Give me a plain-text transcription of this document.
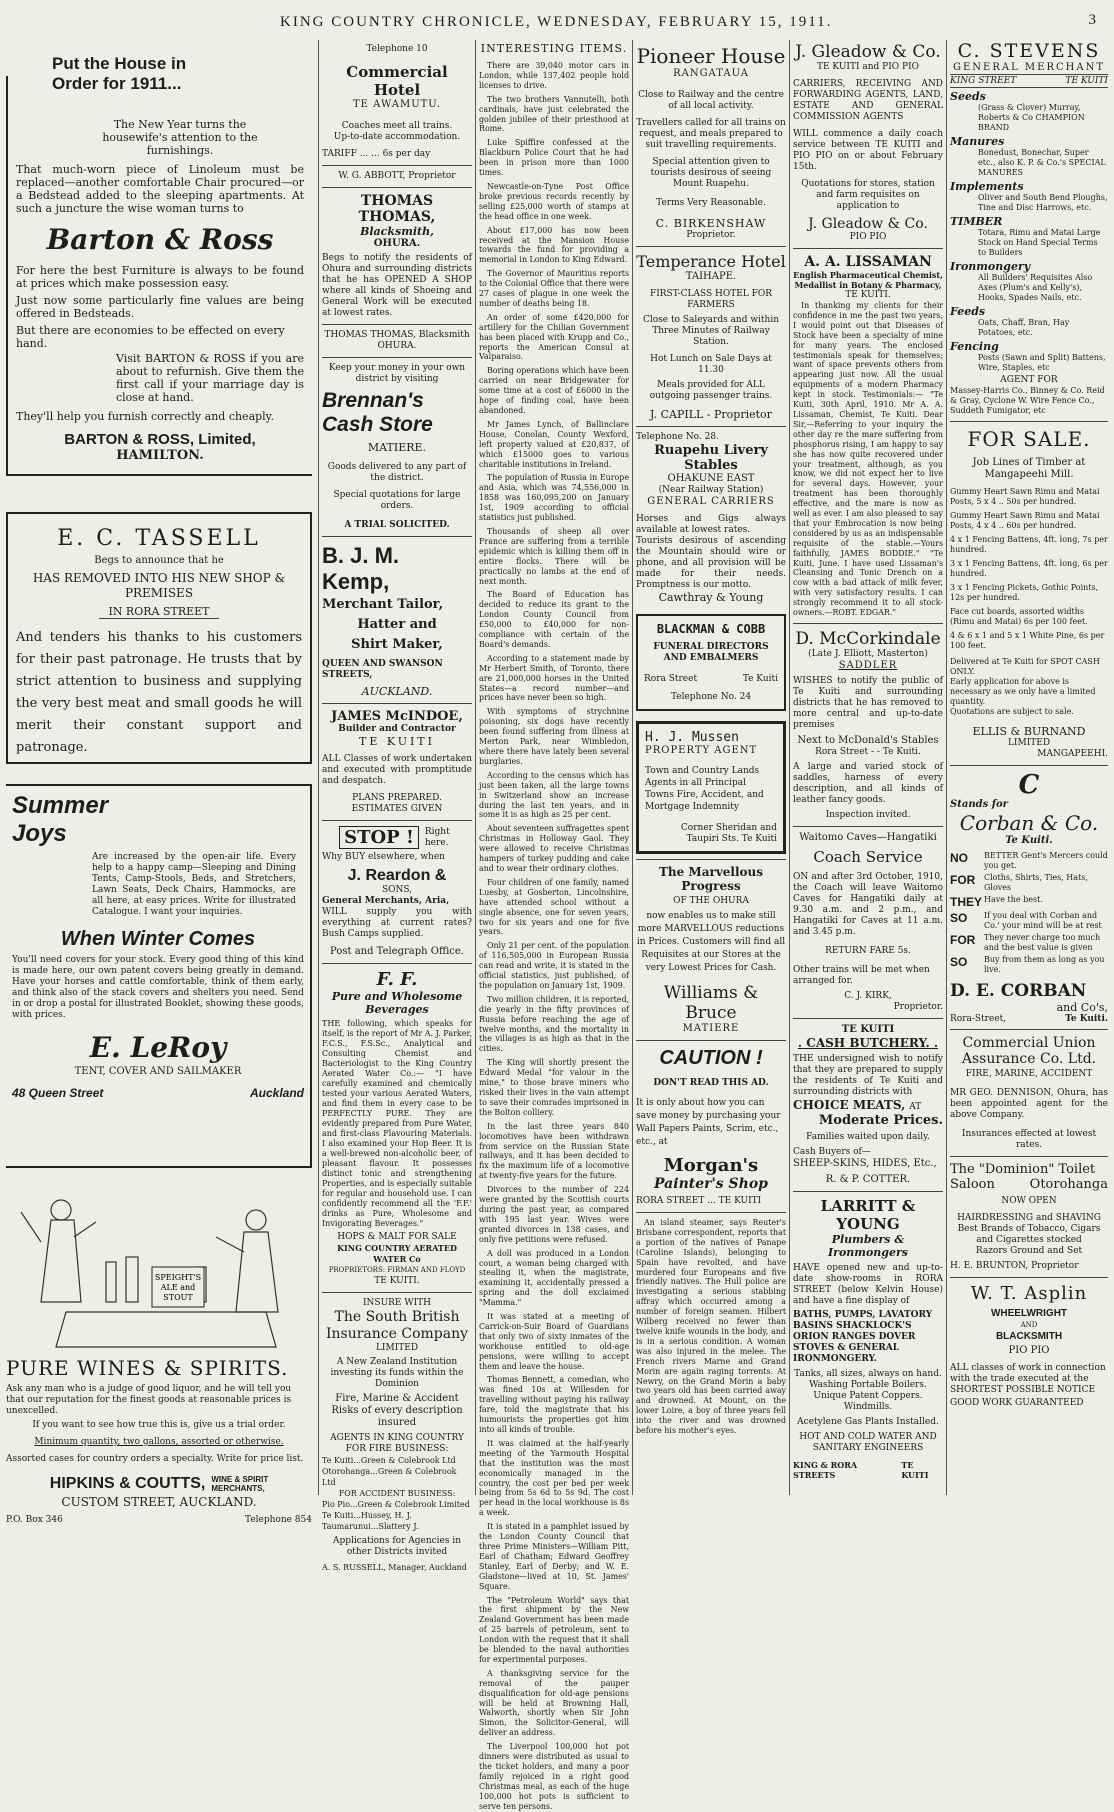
KING COUNTRY CHRONICLE, WEDNESDAY, FEBRUARY 15, 1911.	3
Put the House in
Order for 1911...
The New Year turns the housewife's attention to the furnishings.
That much-worn piece of Linoleum must be replaced—another comfortable Chair procured—or a Bedstead added to the sleeping apartments. At such a juncture the wise woman turns to
Barton & Ross
For here the best Furniture is always to be found at prices which make possession easy.
Just now some particularly fine values are being offered in Bedsteads.
But there are economies to be effected on every hand.
Visit BARTON & ROSS if you are about to refurnish. Give them the first call if your marriage day is close at hand.
They'll help you furnish correctly and cheaply.
BARTON & ROSS, Limited,
HAMILTON.
E. C. TASSELL
Begs to announce that he
HAS REMOVED INTO HIS NEW SHOP & PREMISES
IN RORA STREET
And tenders his thanks to his customers for their past patronage. He trusts that by strict attention to business and supplying the very best meat and small goods he will merit their constant support and patronage.
Summer
Joys
Are increased by the open-air life. Every help to a happy camp—Sleeping and Dining Tents, Camp-Stools, Beds, and Stretchers, Lawn Seats, Deck Chairs, Hammocks, are all here, at easy prices. Write for illustrated Catalogue. I want your inquiries.
When Winter Comes
You'll need covers for your stock. Every good thing of this kind is made here, our own patent covers being greatly in demand. Have your horses and cattle comfortable, think of them early, and think also of the stack covers and shelters you need. Send in or drop a postal for illustrated Booklet, showing these goods, with prices.
E. LeRoy
TENT, COVER AND SAILMAKER
48 Queen Street	Auckland
SPEIGHT'S
ALE and
STOUT
PURE WINES & SPIRITS.
Ask any man who is a judge of good liquor, and he will tell you that our reputation for the finest goods at reasonable prices is unexcelled.
If you want to see how true this is, give us a trial order.
Minimum quantity, two gallons, assorted or otherwise.
Assorted cases for country orders a specialty. Write for price list.
HIPKINS & COUTTS, WINE & SPIRIT
MERCHANTS,
CUSTOM STREET, AUCKLAND.
P.O. Box 346	Telephone 854
Telephone 10
Commercial Hotel
TE AWAMUTU.
Coaches meet all trains.
Up-to-date accommodation.
TARIFF ... ... 6s per day
W. G. ABBOTT, Proprietor
THOMAS THOMAS,
Blacksmith,
OHURA.
Begs to notify the residents of Ohura and surrounding districts that he has OPENED A SHOP where all kinds of Shoeing and General Work will be executed at lowest rates.
THOMAS THOMAS, Blacksmith OHURA.
Keep your money in your own district by visiting
Brennan's
Cash Store
MATIERE.
Goods delivered to any part of the district.
Special quotations for large orders.
A TRIAL SOLICITED.
B. J. M. Kemp,
Merchant Tailor,
Hatter and
Shirt Maker,
QUEEN AND SWANSON STREETS,
AUCKLAND.
JAMES McINDOE,
Builder and Contractor
TE KUITI
ALL Classes of work undertaken and executed with promptitude and despatch.
PLANS PREPARED.
ESTIMATES GIVEN
STOP !	Right here.
Why BUY elsewhere, when
J. Reardon &
SONS,
General Merchants, Aria,
WILL supply you with everything at current rates? Bush Camps supplied.
Post and Telegraph Office.
F. F.
Pure and Wholesome
Beverages
THE following, which speaks for itself, is the report of Mr A. J. Parker, F.C.S., F.S.Sc., Analytical and Consulting Chemist and Bacteriologist to the King Country Aerated Water Co.:— "I have carefully examined and chemically tested your various Aerated Waters, and find them in every case to be PERFECTLY PURE. They are evidently prepared from Pure Water, and first-class Flavouring Materials. I also examined your Hop Beer. It is a well-brewed non-alcoholic beer, of pleasant flavour. It possesses distinct tonic and strengthening Properties, and is especially suitable for regular and household use. I can confidently recommend all the 'F.F.' drinks as Pure, Wholesome and Invigorating Beverages."
HOPS & MALT FOR SALE
KING COUNTRY AERATED WATER Co
PROPRIETORS: FIRMAN AND FLOYD
TE KUITI.
INSURE WITH
The South British
Insurance Company
LIMITED
A New Zealand Institution investing its funds within the Dominion
Fire, Marine & Accident Risks of every description insured
AGENTS IN KING COUNTRY
FOR FIRE BUSINESS:
Te Kuiti...Green & Colebrook Ltd
Otorohanga...Green & Colebrook Ltd
FOR ACCIDENT BUSINESS:
Pio Pio...Green & Colebrook Limited
Te Kuiti...Hussey, H. J.
Taumarunui...Slattery J.
Applications for Agencies in other Districts invited
A. S. RUSSELL, Manager, Auckland
INTERESTING ITEMS.
There are 39,040 motor cars in London, while 137,402 people hold licenses to drive.
The two brothers Vannutelli, both cardinals, have just celebrated the golden jubilee of their priesthood at Rome.
Luke Spiffire confessed at the Blackburn Police Court that he had been in prison more than 1000 times.
Newcastle-on-Tyne Post Office broke previous records recently by selling £25,000 worth of stamps at the head office in one week.
About £17,000 has now been received at the Mansion House towards the fund for providing a memorial in London to King Edward.
The Governor of Mauritius reports to the Colonial Office that there were 27 cases of plague in one week the number of deaths being 18.
An order of some £420,000 for artillery for the Chilian Government has been placed with Krupp and Co., reports the American Consul at Valparaiso.
Boring operations which have been carried on near Bridgewater for some time at a cost of £6000 in the hope of finding coal, have been abandoned.
Mr James Lynch, of Ballinclare House, Conolan, County Wexford, left property valued at £20,837, of which £15000 goes to various charitable institutions in Ireland.
The population of Russia in Europe and Asia, which was 74,556,000 in 1858 was 160,095,200 on January 1st, 1909 according to official statistics just published.
Thousands of sheep all over France are suffering from a terrible epidemic which is killing them off in entire flocks. There will be practically no lambs at the end of next month.
The Board of Education has decided to reduce its grant to the London County Council from £50,000 to £40,000 for non-compliance with certain of the Board's demands.
According to a statement made by Mr Herbert Smith, of Toronto, there are 21,000,000 horses in the United States—a record number—and prices have never been so high.
With symptoms of strychnine poisoning, six dogs have recently been found suffering from illness at Merton Park, near Wimbledon, where there have lately been several burglaries.
According to the census which has just been taken, all the large towns in Switzerland show an increase during the last ten years, and in some it is as high as 25 per cent.
About seventeen suffragettes spent Christmas in Holloway Gaol. They were allowed to receive Christmas hampers of turkey pudding and cake and to wear their ordinary clothes.
Four children of one family, named Luesby, at Gosberton, Lincolnshire, have attended school without a single absence, one for seven years, two for six years and one for five years.
Only 21 per cent. of the population of 116,505,000 in European Russia can read and write, it is stated in the official statistics, just published, of the population on January 1st, 1909.
Two million children, it is reported, die yearly in the fifty provinces of Russia before reaching the age of twelve months, and the mortality in the villages is as high as that in the cities.
The King will shortly present the Edward Medal "for valour in the mine," to those brave miners who risked their lives in the vain attempt to save their comrades imprisoned in the Bolton colliery.
In the last three years 840 locomotives have been withdrawn from service on the Russian State railways, and it has been decided to fix the maximum life of a locomotive at twenty-five years for the future.
Divorces to the number of 224 were granted by the Scottish courts during the past year, as compared with 195 last year. Wives were granted divorces in 138 cases, and only five petitions were refused.
A doll was produced in a London court, a woman being charged with stealing it, when the magistrate, examining it, accidentally pressed a spring and the doll exclaimed "Mamma."
It was stated at a meeting of Carrick-on-Suir Board of Guardians that only two of sixty inmates of the workhouse entitled to old-age pensions, were willing to accept them and leave the house.
Thomas Bennett, a comedian, who was fined 10s at Willesden for travelling without paying his railway fare, told the magistrate that his humourists the properties got him into all kinds of trouble.
It was claimed at the half-yearly meeting of the Yarmouth Hospital that the institution was the most economically managed in the country, the cost per bed per week being from 5s 6d to 5s 9d. The cost per head in the local workhouse is 8s a week.
It is stated in a pamphlet issued by the London County Council that three Prime Ministers—William Pitt, Earl of Chatham; Edward Geoffrey Stanley, Earl of Derby; and W. E. Gladstone—lived at 10, St. James' Square.
The "Petroleum World" says that the first shipment by the New Zealand Government has been made of 25 barrels of petroleum, sent to London with the request that it shall be blended to the naval authorities for experimental purposes.
A thanksgiving service for the removal of the pauper disqualification for old-age pensions will be held at Browning Hall, Walworth, shortly when Sir John Simon, the Solicitor-General, will deliver an address.
The Liverpool 100,000 hot pot dinners were distributed as usual to the ticket holders, and many a poor family rejoiced in a right good Christmas meal, as each of the huge 100,000 hot pots is sufficient to serve ten persons.
Pioneer House
RANGATAUA
Close to Railway and the centre of all local activity.
Travellers called for all trains on request, and meals prepared to suit travelling requirements.
Special attention given to tourists desirous of seeing Mount Ruapehu.
Terms Very Reasonable.
C. BIRKENSHAW
Proprietor.
Temperance Hotel
TAIHAPE.
FIRST-CLASS HOTEL FOR FARMERS
Close to Saleyards and within Three Minutes of Railway Station.
Hot Lunch on Sale Days at 11.30
Meals provided for ALL outgoing passenger trains.
J. CAPILL - Proprietor
Telephone No. 28.
Ruapehu Livery Stables
OHAKUNE EAST
(Near Railway Station)
GENERAL CARRIERS
Horses and Gigs always available at lowest rates.
Tourists desirous of ascending the Mountain should wire or phone, and all provision will be made for their needs. Promptness is our motto.
Cawthray & Young
BLACKMAN & COBB
FUNERAL DIRECTORS
AND EMBALMERS
Rora Street	Te Kuiti
Telephone No. 24
H. J. Mussen
PROPERTY AGENT
Town and Country Lands Agents in all Principal Towns Fire, Accident, and Mortgage Indemnity
Corner Sheridan and
Taupiri Sts. Te Kuiti
The Marvellous Progress
OF THE OHURA
now enables us to make still more MARVELLOUS reductions in Prices. Customers will find all Requisites at our Stores at the very Lowest Prices for Cash.
Williams & Bruce
MATIERE
CAUTION !
DON'T READ THIS AD.
It is only about how you can save money by purchasing your Wall Papers Paints, Scrim, etc., etc., at
Morgan's
Painter's Shop
RORA STREET ... TE KUITI
An island steamer, says Reuter's Brisbane correspondent, reports that a portion of the natives of Panape (Caroline Islands), belonging to Spain have revolted, and have murdered four Europeans and five friendly natives. The Hull police are investigating a serious stabbing affray which occurred among a number of foreign seamen. Hilbert Wilberg received no fewer than twelve knife wounds in the body, and is in a serious condition. A woman was also injured in the melee. The French rivers Marne and Grand Morin are again raging torrents. At Newry, on the Grand Morin a baby two years old has been carried away and drowned. At Mount, on the lower Loire, a boy of three years fell into the river and was drowned before his mother's eyes.
J. Gleadow & Co.
TE KUITI and PIO PIO
CARRIERS, RECEIVING AND FORWARDING AGENTS, LAND, ESTATE AND GENERAL COMMISSION AGENTS
WILL commence a daily coach service between TE KUITI and PIO PIO on or about February 15th.
Quotations for stores, station and farm requisites on application to
J. Gleadow & Co.
PIO PIO
A. A. LISSAMAN
English Pharmaceutical Chemist, Medallist in Botany & Pharmacy,
TE KUITI.
In thanking my clients for their confidence in me the past two years, I would point out that Diseases of Stock have been a specialty of mine for many years. The enclosed testimonials speak for themselves; want of space prevents others from appearing just now. All the usual equipments of a modern Pharmacy kept in stock. Testimonials:— "Te Kuiti, 30th April, 1910. Mr A. A. Lissaman, Chemist, Te Kuiti. Dear Sir,—Referring to your inquiry the other day re the mare suffering from phosphorus rising, I am happy to say she has now quite recovered under your treatment, although, as you know, we did not expect her to live for several days. However, your treatment has been thoroughly effective, and the mare is now as well as ever. I am also pleased to say that your Embrocation is now being considered by us as an indispensable requisite of the stable.—Yours faithfully, JAMES BODDIE." "Te Kuiti, June. I have used Lissaman's Cleansing and Tonic Drench on a cow with a bad attack of milk fever, with very satisfactory results. I can strongly recommend it to all stock-owners.—ROBT. EDGAR."
D. McCorkindale
(Late J. Elliott, Masterton)
SADDLER
WISHES to notify the public of Te Kuiti and surrounding districts that he has removed to more central and up-to-date premises
Next to McDonald's Stables
Rora Street - - Te Kuiti.
A large and varied stock of saddles, harness of every description, and all kinds of leather fancy goods.
Inspection invited.
Waitomo Caves—Hangatiki
Coach Service
ON and after 3rd October, 1910, the Coach will leave Waitomo Caves for Hangatiki daily at 9.30 a.m. and 2 p.m., and Hangatiki for Caves at 11 a.m. and 3.45 p.m.
RETURN FARE 5s.
Other trains will be met when arranged for.
C. J. KIRK,
Proprietor.
TE KUITI
. CASH BUTCHERY. .
THE undersigned wish to notify that they are prepared to supply the residents of Te Kuiti and surrounding districts with
CHOICE MEATS, AT
Moderate Prices.
Families waited upon daily.
Cash Buyers of—
SHEEP-SKINS, HIDES, Etc.,
R. & P. COTTER.
LARRITT & YOUNG
Plumbers &
Ironmongers
HAVE opened new and up-to-date show-rooms in RORA STREET (below Kelvin House) and have a fine display of
BATHS, PUMPS, LAVATORY BASINS SHACKLOCK'S ORION RANGES DOVER STOVES & GENERAL IRONMONGERY.
Tanks, all sizes, always on hand. Washing Portable Boilers. Unique Patent Coppers. Windmills.
Acetylene Gas Plants Installed.
HOT AND COLD WATER AND SANITARY ENGINEERS
KING & RORA STREETS
TE KUITI
C. STEVENS
GENERAL MERCHANT
KING STREET	TE KUITI
Seeds
(Grass & Clover) Murray, Roberts & Co CHAMPION BRAND
Manures
Bonedust, Bonechar, Super etc., also K. P. & Co.'s SPECIAL MANURES
Implements
Oliver and South Bend Ploughs, Tine and Disc Harrows, etc.
TIMBER
Totara, Rimu and Matai Large Stock on Hand Special Terms to Builders
Ironmongery
All Builders' Requisites Also Axes (Plum's and Kelly's), Hooks, Spades Nails, etc.
Feeds
Oats, Chaff, Bran, Hay Potatoes, etc.
Fencing
Posts (Sawn and Split) Battens, Wire, Staples, etc
AGENT FOR
Massey-Harris Co., Binney & Co. Reid & Gray, Cyclone W. Wire Fence Co., Suddeth Fumigator, etc
FOR SALE.
Job Lines of Timber at
Mangapeehi Mill.
Gummy Heart Sawn Rimu and Matai Posts, 5 x 4 .. 50s per hundred.
Gummy Heart Sawn Rimu and Matai Posts, 4 x 4 .. 60s per hundred.
4 x 1 Fencing Battens, 4ft. long, 7s per hundred.
3 x 1 Fencing Battens, 4ft. long, 6s per hundred.
3 x 1 Fencing Pickets, Gothic Points, 12s per hundred.
Face cut boards, assorted widths (Rimu and Matai) 6s per 100 feet.
4 & 6 x 1 and 5 x 1 White Pine, 6s per 100 feet.
Delivered at Te Kuiti for SPOT CASH ONLY.
Early application for above is necessary as we only have a limited quantity.
Quotations are subject to sale.
ELLIS & BURNAND
LIMITED
MANGAPEEHI.
C
Stands for
Corban & Co.
Te Kuiti.
NO	BETTER Gent's Mercers could you get.
FOR	Cloths, Shirts, Ties, Hats, Gloves
THEY Have the best.
SO	If you deal with Corban and Co.' your mind will be at rest
FOR	They never charge too much and the best value is given
SO	Buy from them as long as you live.
D. E. CORBAN
and Co's,
Rora-Street,	Te Kuiti.
Commercial Union
Assurance Co. Ltd.
FIRE, MARINE, ACCIDENT
MR GEO. DENNISON, Ohura, has been appointed agent for the above Company.
Insurances effected at lowest rates.
The "Dominion" Toilet
Saloon	Otorohanga
NOW OPEN
HAIRDRESSING and SHAVING
Best Brands of Tobacco, Cigars and Cigarettes stocked
Razors Ground and Set
H. E. BRUNTON, Proprietor
W. T. Asplin
WHEELWRIGHT
AND
BLACKSMITH
PIO PIO
ALL classes of work in connection with the trade executed at the SHORTEST POSSIBLE NOTICE
GOOD WORK GUARANTEED
